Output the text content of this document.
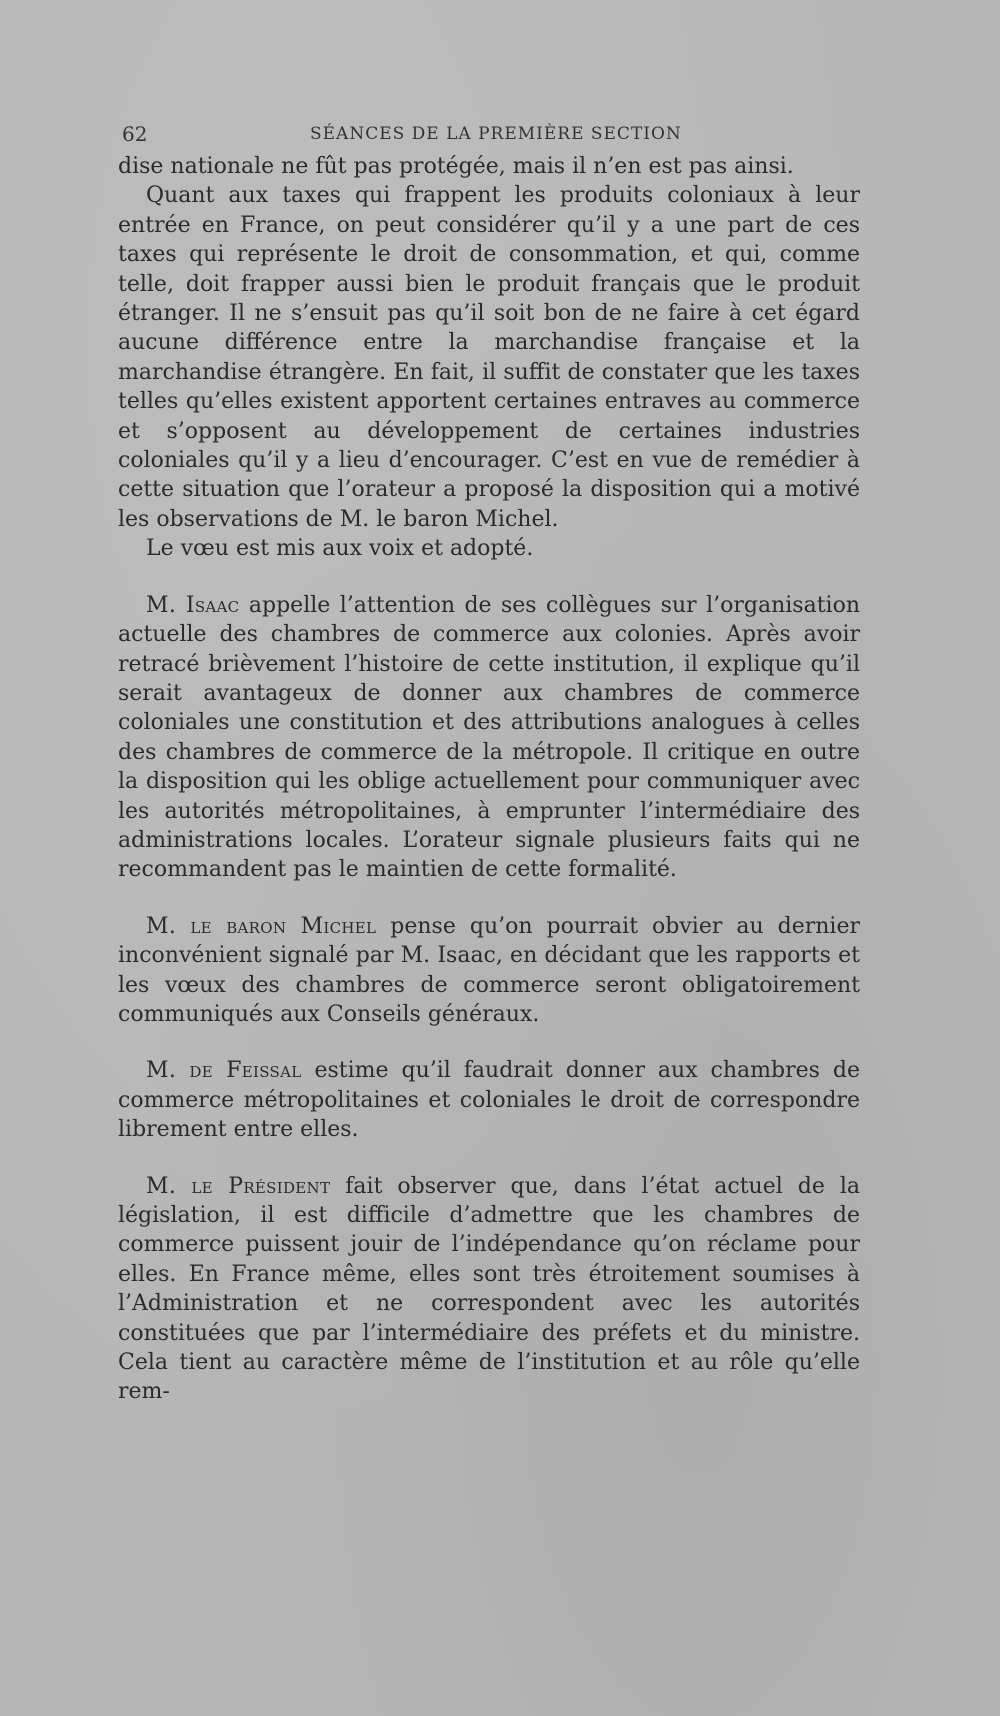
62	SÉANCES DE LA PREMIÈRE SECTION

dise nationale ne fût pas protégée, mais il n’en est pas ainsi.

Quant aux taxes qui frappent les produits coloniaux à leur entrée en France, on peut considérer qu’il y a une part de ces taxes qui représente le droit de consommation, et qui, comme telle, doit frapper aussi bien le produit français que le produit étranger. Il ne s’ensuit pas qu’il soit bon de ne faire à cet égard aucune différence entre la marchandise française et la marchandise étrangère. En fait, il suffit de constater que les taxes telles qu’elles existent apportent certaines entraves au commerce et s’opposent au développement de certaines industries coloniales qu’il y a lieu d’encourager. C’est en vue de remédier à cette situation que l’orateur a proposé la disposition qui a motivé les observations de M. le baron Michel.

Le vœu est mis aux voix et adopté.

M. Isaac appelle l’attention de ses collègues sur l’organisation actuelle des chambres de commerce aux colonies. Après avoir retracé brièvement l’histoire de cette institution, il explique qu’il serait avantageux de donner aux chambres de commerce coloniales une constitution et des attributions analogues à celles des chambres de commerce de la métropole. Il critique en outre la disposition qui les oblige actuellement pour communiquer avec les autorités métropolitaines, à emprunter l’intermédiaire des administrations locales. L’orateur signale plusieurs faits qui ne recommandent pas le maintien de cette formalité.

M. le baron Michel pense qu’on pourrait obvier au dernier inconvénient signalé par M. Isaac, en décidant que les rapports et les vœux des chambres de commerce seront obligatoirement communiqués aux Conseils généraux.

M. de Feissal estime qu’il faudrait donner aux chambres de commerce métropolitaines et coloniales le droit de correspondre librement entre elles.

M. le Président fait observer que, dans l’état actuel de la législation, il est difficile d’admettre que les chambres de commerce puissent jouir de l’indépendance qu’on réclame pour elles. En France même, elles sont très étroitement soumises à l’Administration et ne correspondent avec les autorités constituées que par l’intermédiaire des préfets et du ministre. Cela tient au caractère même de l’institution et au rôle qu’elle rem-
